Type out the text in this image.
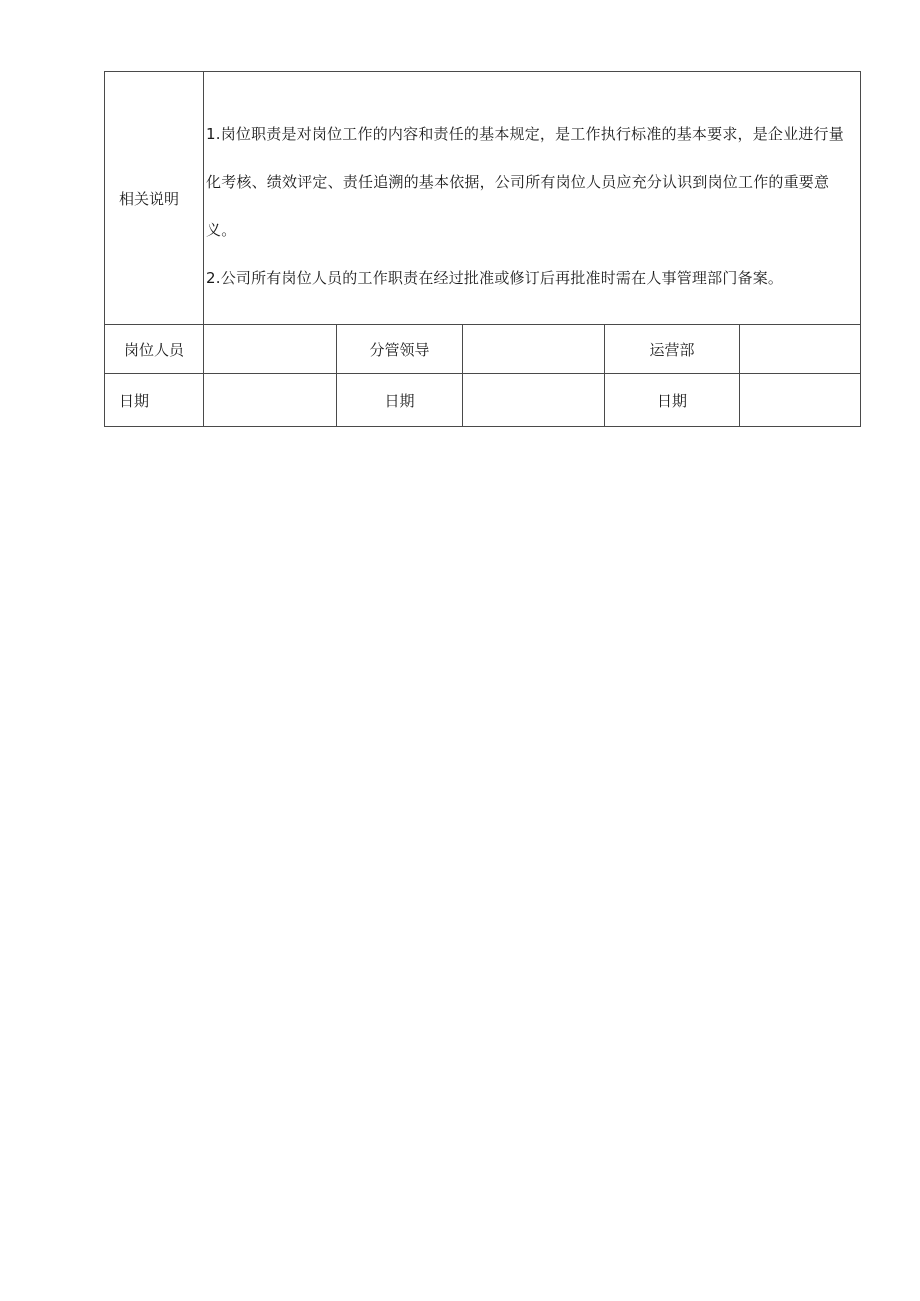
相关说明	1.岗位职责是对岗位工作的内容和责任的基本规定，是工作执行标准的基本要求，是企业进行量化考核、绩效评定、责任追溯的基本依据，公司所有岗位人员应充分认识到岗位工作的重要意义。

2.公司所有岗位人员的工作职责在经过批准或修订后再批准时需在人事管理部门备案。				

岗位人员		分管领导		运营部	
日期		日期		日期	
